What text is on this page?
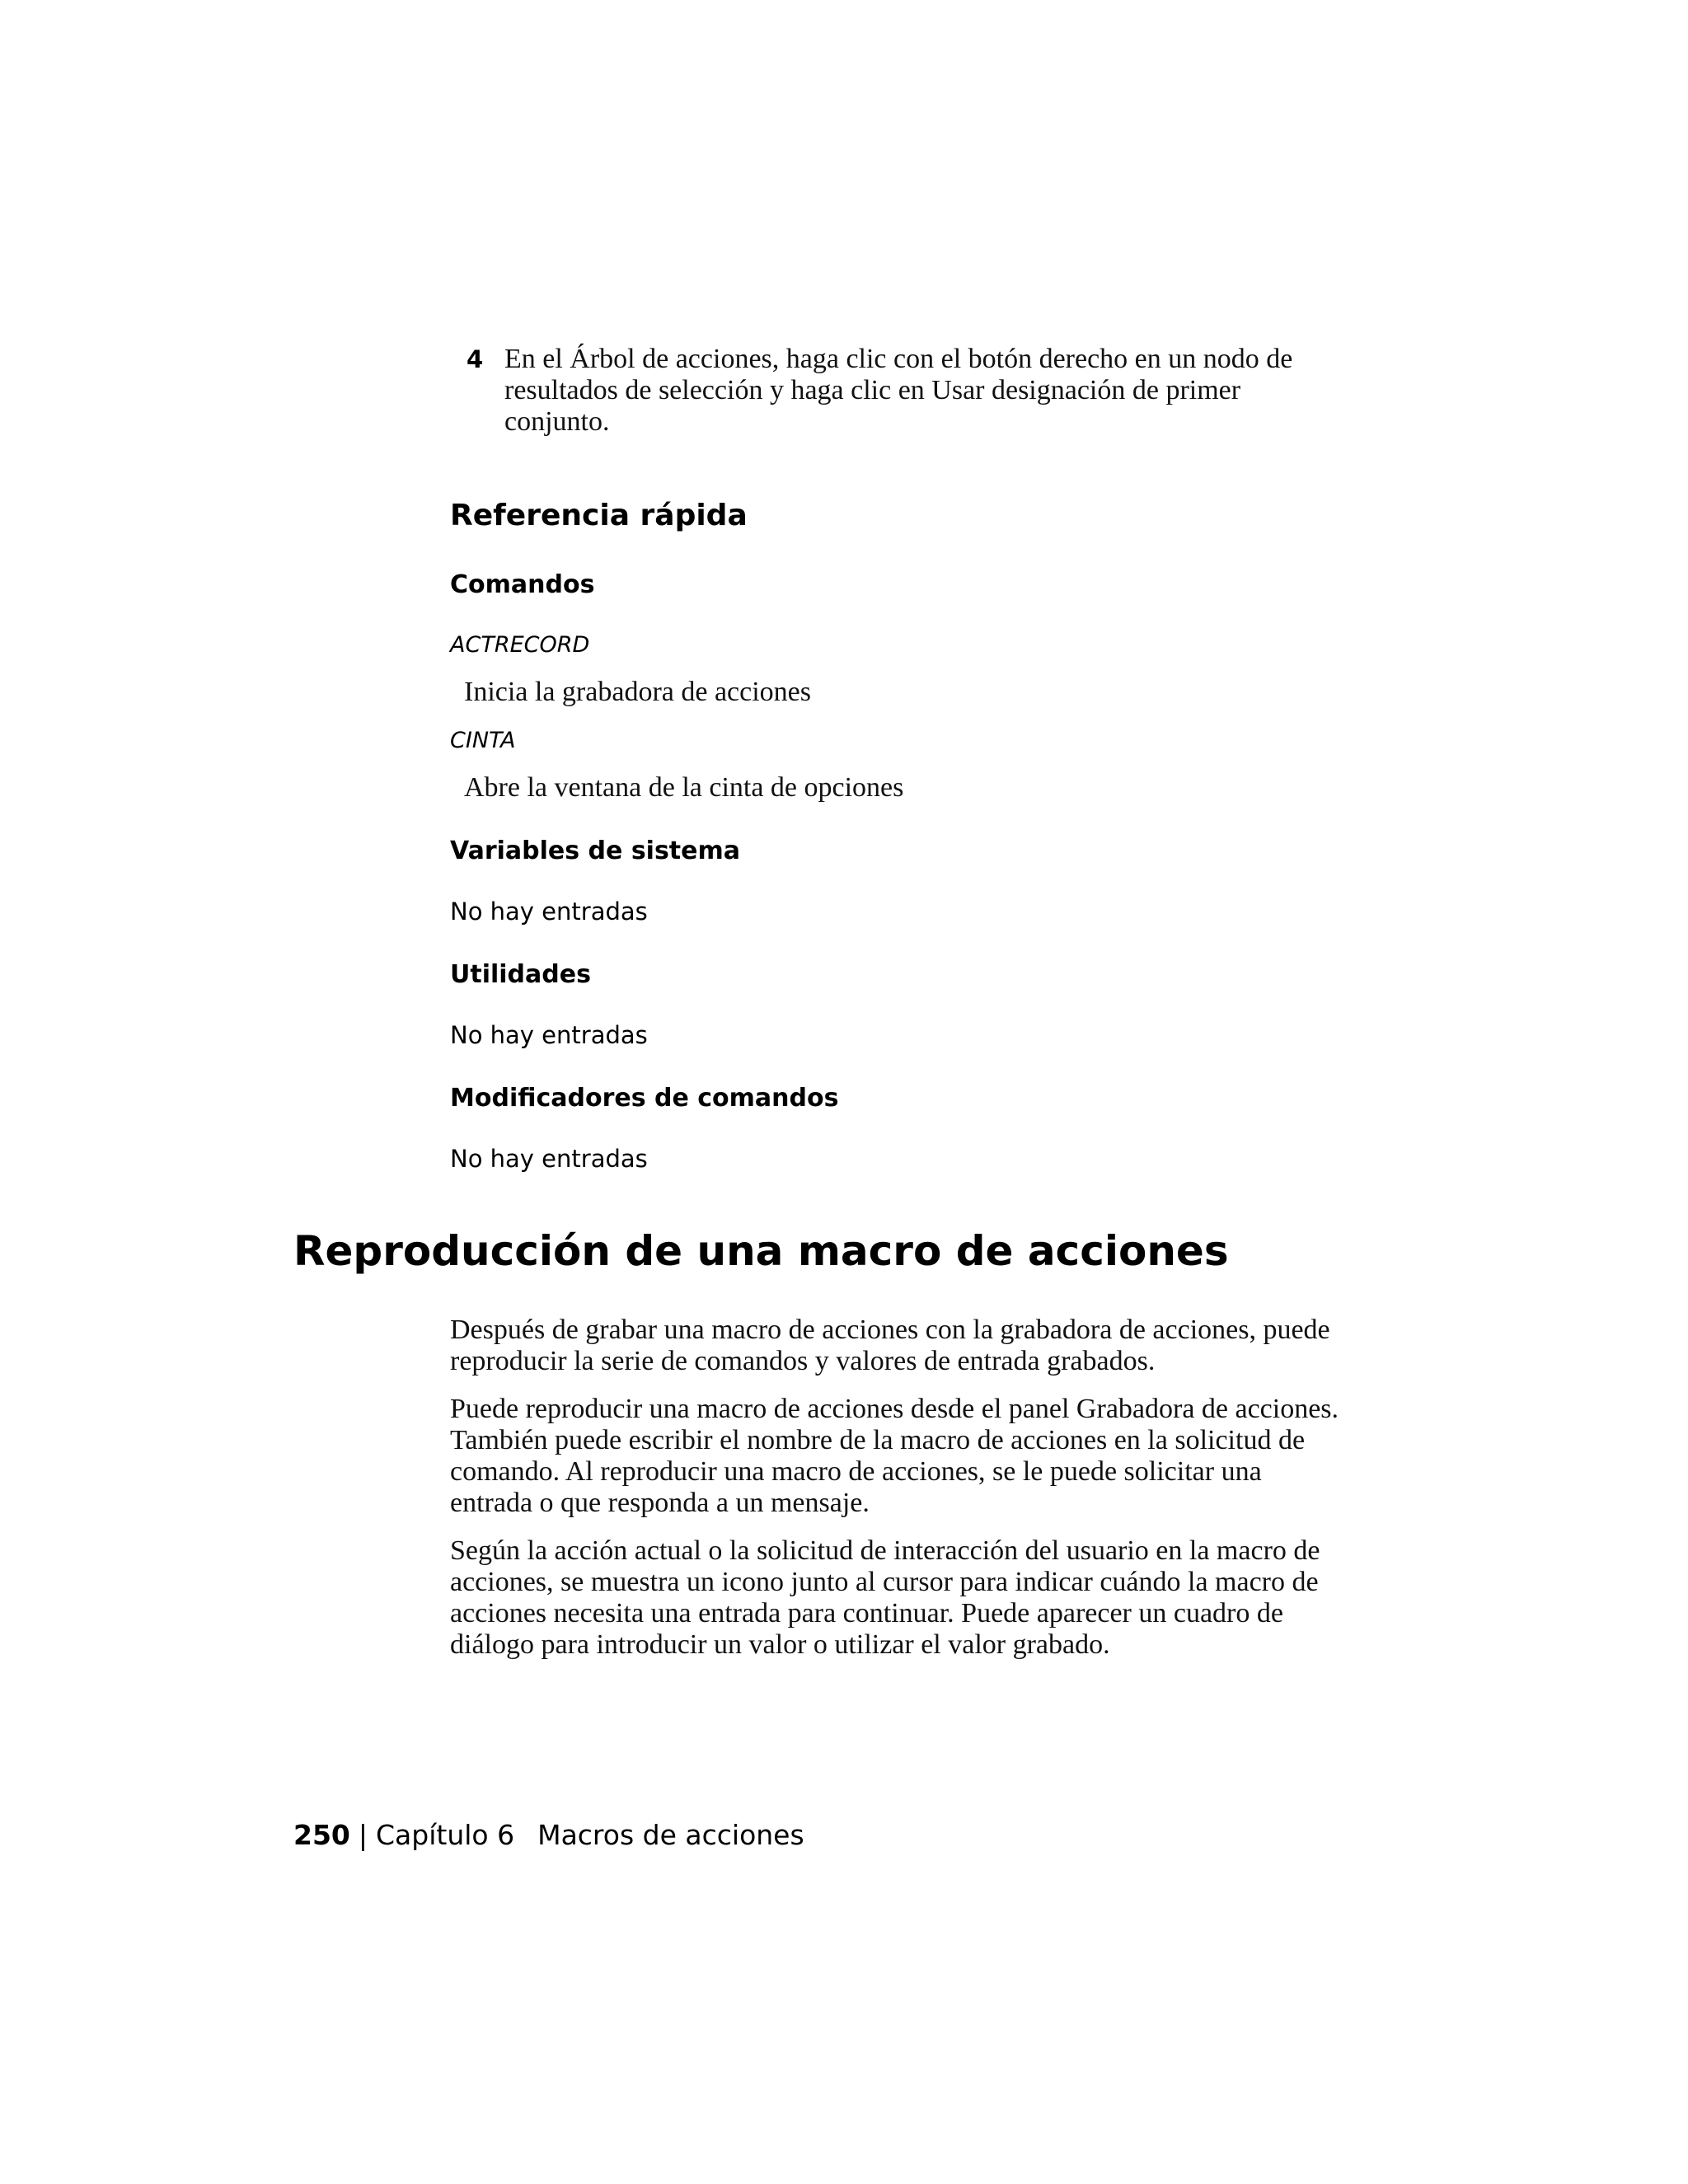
4 En el Árbol de acciones, haga clic con el botón derecho en un nodo de resultados de selección y haga clic en Usar designación de primer conjunto.

Referencia rápida
Comandos
ACTRECORD
Inicia la grabadora de acciones
CINTA
Abre la ventana de la cinta de opciones
Variables de sistema
No hay entradas
Utilidades
No hay entradas
Modificadores de comandos
No hay entradas
Reproducción de una macro de acciones

Después de grabar una macro de acciones con la grabadora de acciones, puede reproducir la serie de comandos y valores de entrada grabados.

Puede reproducir una macro de acciones desde el panel Grabadora de acciones. También puede escribir el nombre de la macro de acciones en la solicitud de comando. Al reproducir una macro de acciones, se le puede solicitar una entrada o que responda a un mensaje.

Según la acción actual o la solicitud de interacción del usuario en la macro de acciones, se muestra un icono junto al cursor para indicar cuándo la macro de acciones necesita una entrada para continuar. Puede aparecer un cuadro de diálogo para introducir un valor o utilizar el valor grabado.

250 | Capítulo 6 Macros de acciones
